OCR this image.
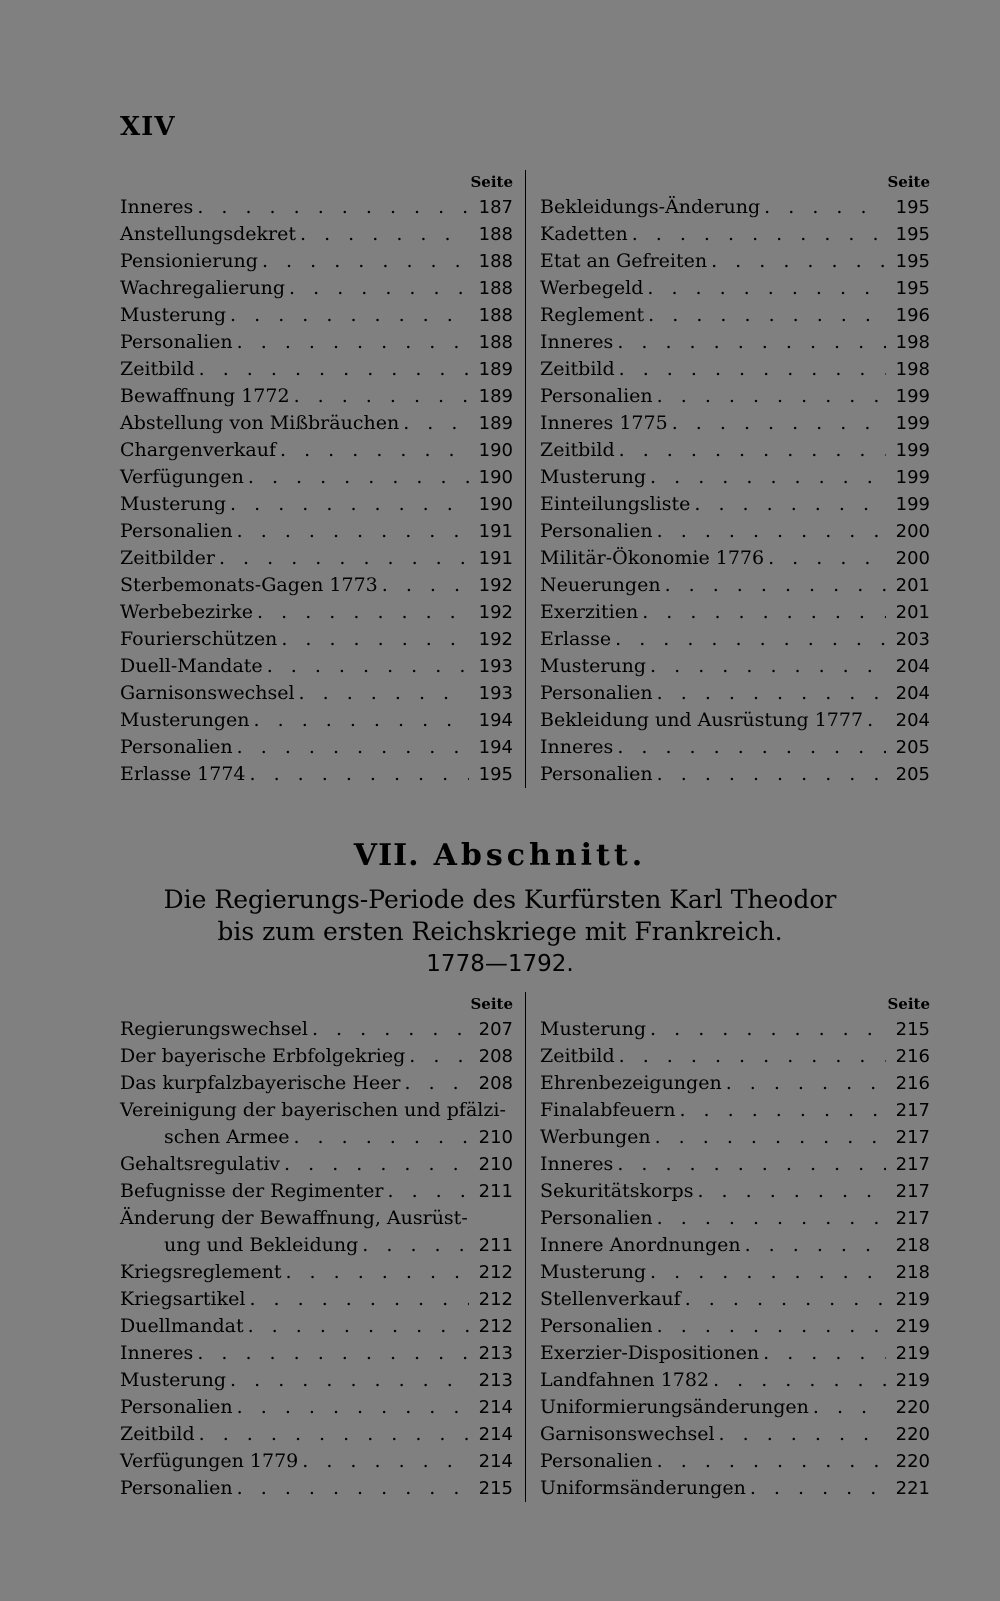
XIV
Seite
Inneres . . .	187
Anstellungsdekret . . .	188
Pensionierung . . .	188
Wachregalierung . . .	188
Musterung . . .	188
Personalien . . .	188
Zeitbild . . .	189
Bewaffnung 1772 . . .	189
Abstellung von Mißbräuchen . . .	189
Chargenverkauf . . .	190
Verfügungen . . .	190
Musterung . . .	190
Personalien . . .	191
Zeitbilder . . .	191
Sterbemonats-Gagen 1773 . . .	192
Werbebezirke . . .	192
Fourierschützen . . .	192
Duell-Mandate . . .	193
Garnisonswechsel . . .	193
Musterungen . . .	194
Personalien . . .	194
Erlasse 1774 . . .	195
Seite
Bekleidungs-Änderung . . .	195
Kadetten . . .	195
Etat an Gefreiten . . .	195
Werbegeld . . .	195
Reglement . . .	196
Inneres . . .	198
Zeitbild . . .	198
Personalien . . .	199
Inneres 1775 . . .	199
Zeitbild . . .	199
Musterung . . .	199
Einteilungsliste . . .	199
Personalien . . .	200
Militär-Ökonomie 1776 . . .	200
Neuerungen . . .	201
Exerzitien . . .	201
Erlasse . . .	203
Musterung . . .	204
Personalien . . .	204
Bekleidung und Ausrüstung 1777 . . .	204
Inneres . . .	205
Personalien . . .	205
VII. Abschnitt.
Die Regierungs-Periode des Kurfürsten Karl Theodor
bis zum ersten Reichskriege mit Frankreich.
1778—1792.
Seite
Regierungswechsel . . .	207
Der bayerische Erbfolgekrieg . . .	208
Das kurpfalzbayerische Heer . . .	208
Vereinigung der bayerischen und pfälzi-
schen Armee . . .	210
Gehaltsregulativ . . .	210
Befugnisse der Regimenter . . .	211
Änderung der Bewaffnung, Ausrüst-
ung und Bekleidung . . .	211
Kriegsreglement . . .	212
Kriegsartikel . . .	212
Duellmandat . . .	212
Inneres . . .	213
Musterung . . .	213
Personalien . . .	214
Zeitbild . . .	214
Verfügungen 1779 . . .	214
Personalien . . .	215
Seite
Musterung . . .	215
Zeitbild . . .	216
Ehrenbezeigungen . . .	216
Finalabfeuern . . .	217
Werbungen . . .	217
Inneres . . .	217
Sekuritätskorps . . .	217
Personalien . . .	217
Innere Anordnungen . . .	218
Musterung . . .	218
Stellenverkauf . . .	219
Personalien . . .	219
Exerzier-Dispositionen . . .	219
Landfahnen 1782 . . .	219
Uniformierungsänderungen . . .	220
Garnisonswechsel . . .	220
Personalien . . .	220
Uniformsänderungen . . .	221
